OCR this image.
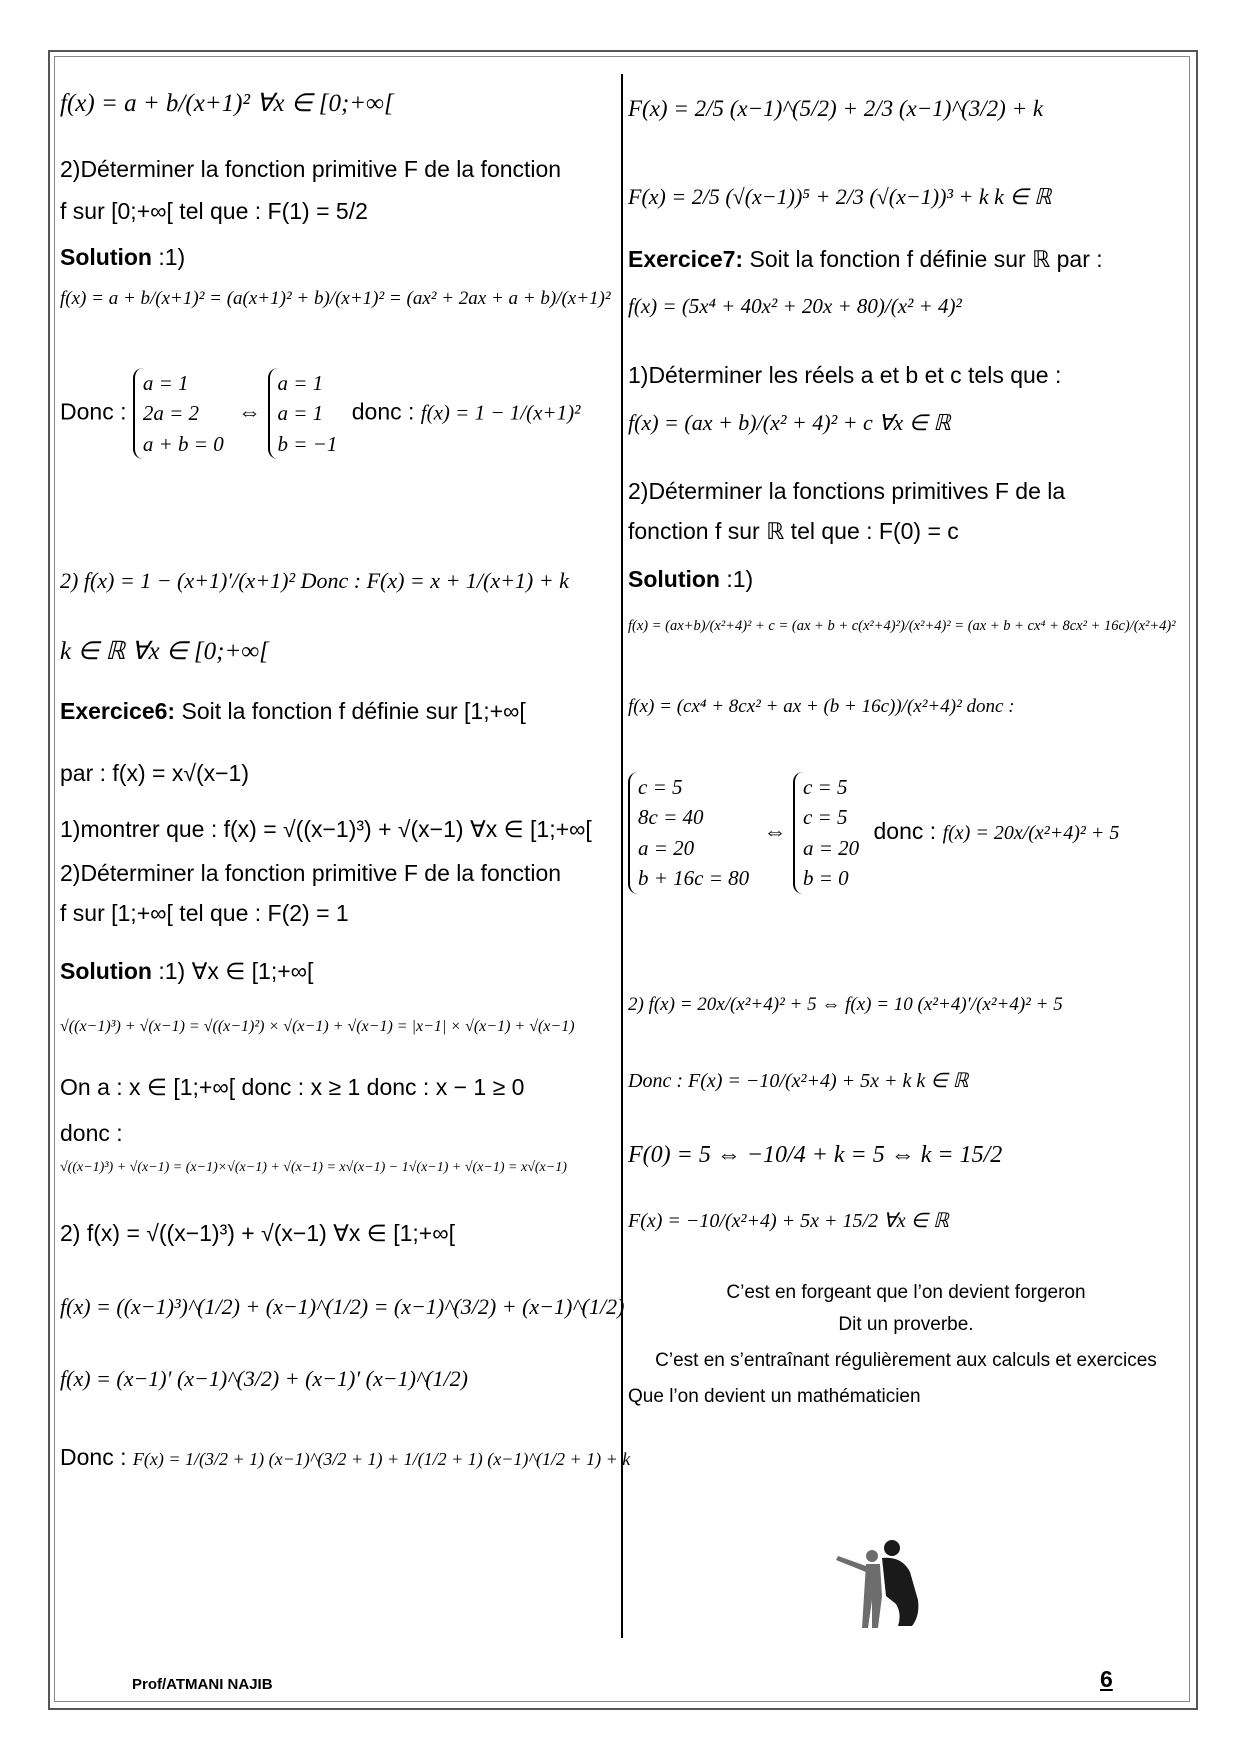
f(x) = a + b/(x+1)² ∀x ∈ [0;+∞[
2)Déterminer la fonction primitive F de la fonction
f sur [0;+∞[ tel que : F(1) = 5/2
Solution :1)
f(x) = a + b/(x+1)² = (a(x+1)² + b)/(x+1)² = (ax² + 2ax + a + b)/(x+1)²
Donc :
a = 1
2a = 2
a + b = 0
⇔
a = 1
a = 1
b = −1
donc : f(x) = 1 − 1/(x+1)²
2) f(x) = 1 − (x+1)′/(x+1)² Donc : F(x) = x + 1/(x+1) + k
k ∈ ℝ ∀x ∈ [0;+∞[
Exercice6: Soit la fonction f définie sur [1;+∞[
par : f(x) = x√(x−1)
1)montrer que : f(x) = √((x−1)³) + √(x−1) ∀x ∈ [1;+∞[
2)Déterminer la fonction primitive F de la fonction
f sur [1;+∞[ tel que : F(2) = 1
Solution :1) ∀x ∈ [1;+∞[
√((x−1)³) + √(x−1) = √((x−1)²) × √(x−1) + √(x−1) = |x−1| × √(x−1) + √(x−1)
On a : x ∈ [1;+∞[ donc : x ≥ 1 donc : x − 1 ≥ 0
donc :
√((x−1)³) + √(x−1) = (x−1)×√(x−1) + √(x−1) = x√(x−1) − 1√(x−1) + √(x−1) = x√(x−1)
2) f(x) = √((x−1)³) + √(x−1) ∀x ∈ [1;+∞[
f(x) = ((x−1)³)^(1/2) + (x−1)^(1/2) = (x−1)^(3/2) + (x−1)^(1/2)
f(x) = (x−1)′ (x−1)^(3/2) + (x−1)′ (x−1)^(1/2)
Donc : F(x) = 1/(3/2 + 1) (x−1)^(3/2 + 1) + 1/(1/2 + 1) (x−1)^(1/2 + 1) + k
F(x) = 2/5 (x−1)^(5/2) + 2/3 (x−1)^(3/2) + k
F(x) = 2/5 (√(x−1))⁵ + 2/3 (√(x−1))³ + k k ∈ ℝ
Exercice7: Soit la fonction f définie sur ℝ par :
f(x) = (5x⁴ + 40x² + 20x + 80)/(x² + 4)²
1)Déterminer les réels a et b et c tels que :
f(x) = (ax + b)/(x² + 4)² + c ∀x ∈ ℝ
2)Déterminer la fonctions primitives F de la
fonction f sur ℝ tel que : F(0) = c
Solution :1)
f(x) = (ax+b)/(x²+4)² + c = (ax + b + c(x²+4)²)/(x²+4)² = (ax + b + cx⁴ + 8cx² + 16c)/(x²+4)²
f(x) = (cx⁴ + 8cx² + ax + (b + 16c))/(x²+4)² donc :
c = 5
8c = 40
a = 20
b + 16c = 80
⇔
c = 5
c = 5
a = 20
b = 0
donc : f(x) = 20x/(x²+4)² + 5
2) f(x) = 20x/(x²+4)² + 5 ⇔ f(x) = 10 (x²+4)′/(x²+4)² + 5
Donc : F(x) = −10/(x²+4) + 5x + k k ∈ ℝ
F(0) = 5 ⇔ −10/4 + k = 5 ⇔ k = 15/2
F(x) = −10/(x²+4) + 5x + 15/2 ∀x ∈ ℝ
C’est en forgeant que l’on devient forgeron
Dit un proverbe.
C’est en s’entraînant régulièrement aux calculs et exercices
Que l’on devient un mathématicien
Prof/ATMANI NAJIB	6
